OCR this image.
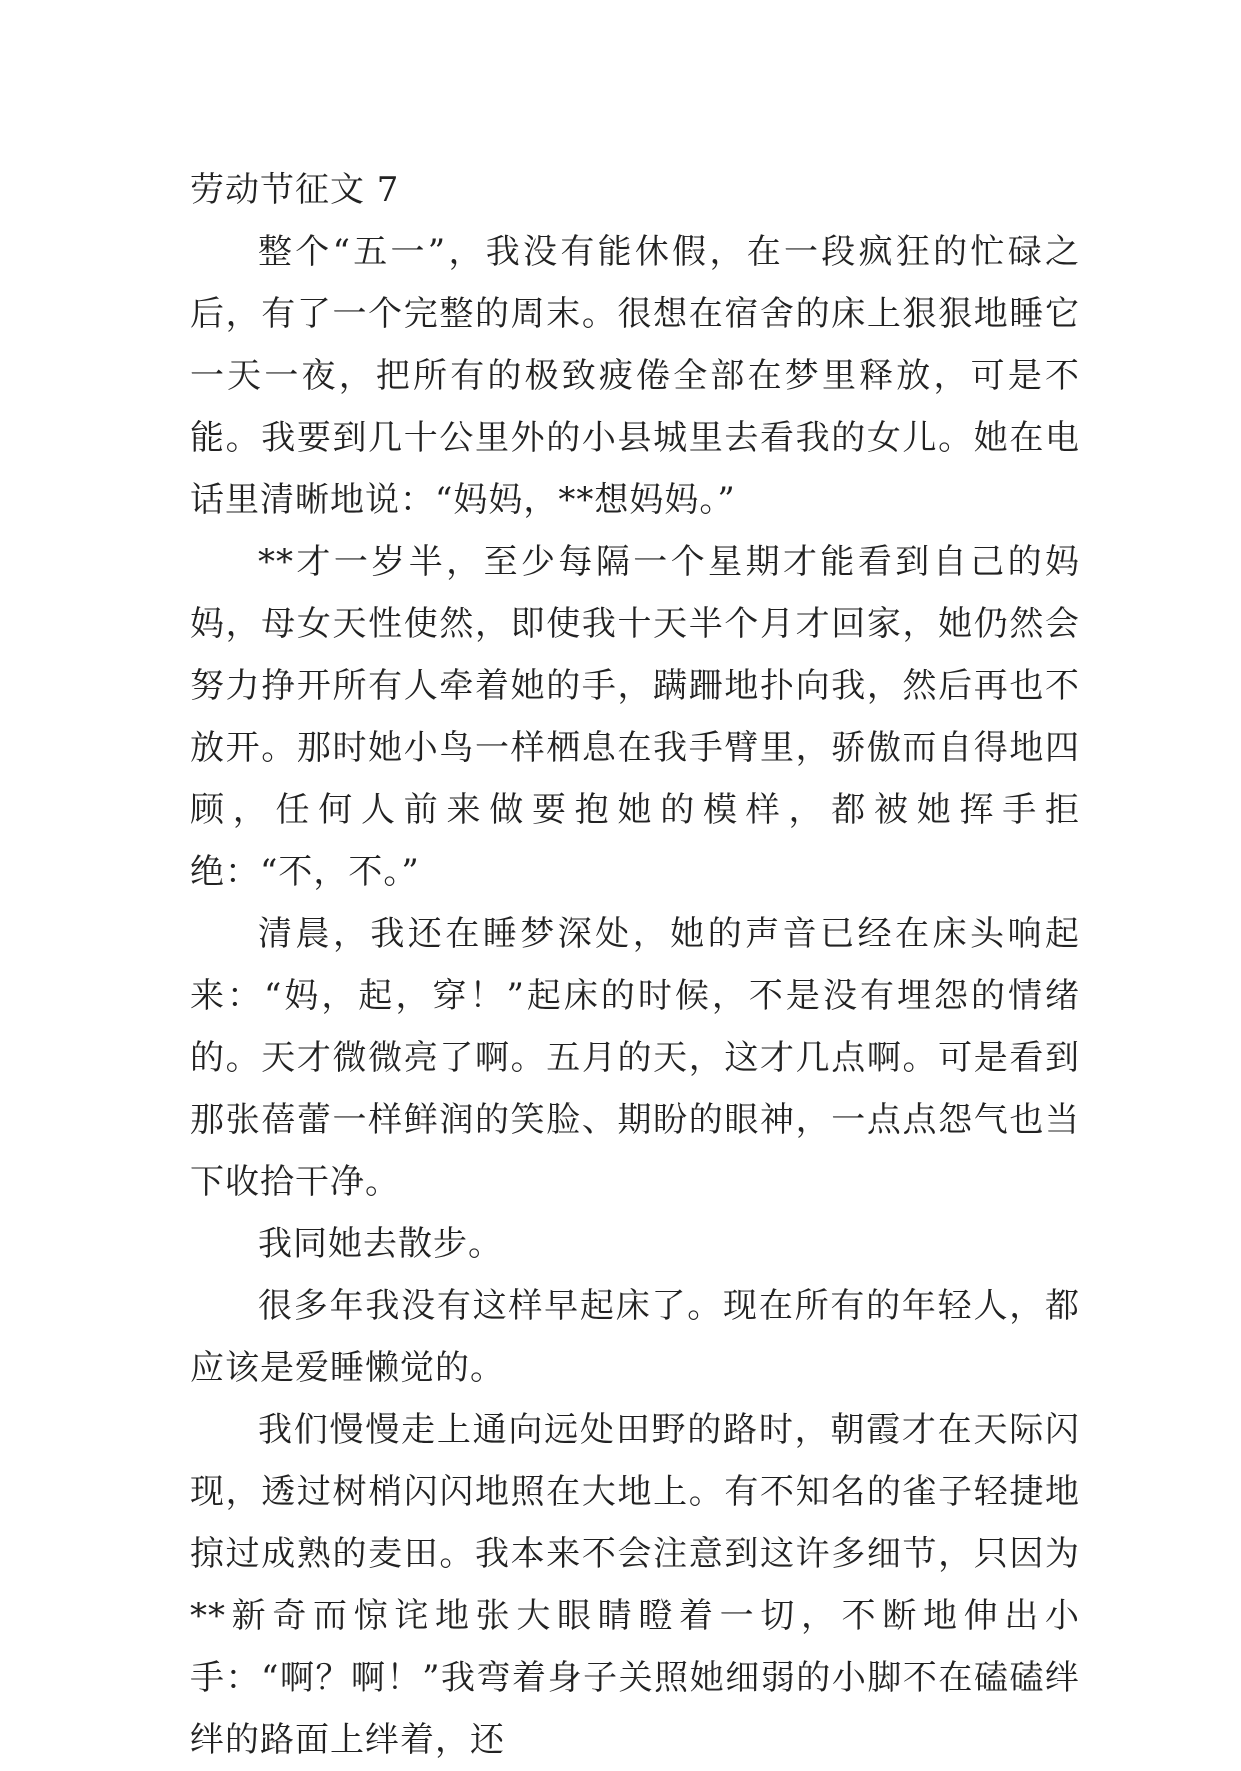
劳动节征文 7

整个“五一”，我没有能休假，在一段疯狂的忙碌之后，有了一个完整的周末。很想在宿舍的床上狠狠地睡它一天一夜，把所有的极致疲倦全部在梦里释放，可是不能。我要到几十公里外的小县城里去看我的女儿。她在电话里清晰地说：“妈妈，**想妈妈。”

**才一岁半，至少每隔一个星期才能看到自己的妈妈，母女天性使然，即使我十天半个月才回家，她仍然会努力挣开所有人牵着她的手，蹒跚地扑向我，然后再也不放开。那时她小鸟一样栖息在我手臂里，骄傲而自得地四顾，任何人前来做要抱她的模样，都被她挥手拒绝：“不，不。”

清晨，我还在睡梦深处，她的声音已经在床头响起来：“妈，起，穿！”起床的时候，不是没有埋怨的情绪的。天才微微亮了啊。五月的天，这才几点啊。可是看到那张蓓蕾一样鲜润的笑脸、期盼的眼神，一点点怨气也当下收拾干净。

我同她去散步。

很多年我没有这样早起床了。现在所有的年轻人，都应该是爱睡懒觉的。

我们慢慢走上通向远处田野的路时，朝霞才在天际闪现，透过树梢闪闪地照在大地上。有不知名的雀子轻捷地掠过成熟的麦田。我本来不会注意到这许多细节，只因为**新奇而惊诧地张大眼睛瞪着一切，不断地伸出小手：“啊？啊！”我弯着身子关照她细弱的小脚不在磕磕绊绊的路面上绊着，还
